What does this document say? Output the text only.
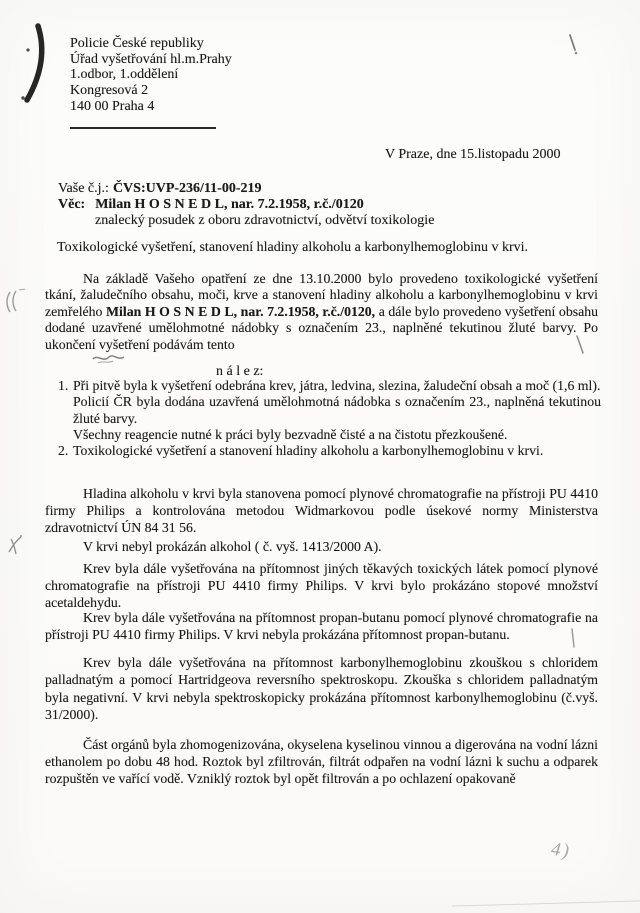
Policie České republiky
Úřad vyšetřování hl.m.Prahy
1.odbor, 1.oddělení
Kongresová 2
140 00 Praha 4
V Praze, dne 15.listopadu 2000
Vaše č.j.: ČVS:UVP-236/11-00-219
Věc: Milan H O S N E D L, nar. 7.2.1958, r.č./0120
znalecký posudek z oboru zdravotnictví, odvětví toxikologie
Toxikologické vyšetření, stanovení hladiny alkoholu a karbonylhemoglobinu v krvi.

Na základě Vašeho opatření ze dne 13.10.2000 bylo provedeno toxikologické vyšetření tkání, žaludečního obsahu, moči, krve a stanovení hladiny alkoholu a karbonylhemoglobinu v krvi zemřelého Milan H O S N E D L, nar. 7.2.1958, r.č./0120, a dále bylo provedeno vyšetření obsahu dodané uzavřené umělohmotné nádobky s označením 23., naplněné tekutinou žluté barvy. Po ukončení vyšetření podávám tento

n á l e z:
1. Při pitvě byla k vyšetření odebrána krev, játra, ledvina, slezina, žaludeční obsah a moč (1,6 ml).
Policií ČR byla dodána uzavřená umělohmotná nádobka s označením 23., naplněná tekutinou žluté barvy.
Všechny reagencie nutné k práci byly bezvadně čisté a na čistotu přezkoušené.
2. Toxikologické vyšetření a stanovení hladiny alkoholu a karbonylhemoglobinu v krvi.

Hladina alkoholu v krvi byla stanovena pomocí plynové chromatografie na přístroji PU 4410 firmy Philips a kontrolována metodou Widmarkovou podle úsekové normy Ministerstva zdravotnictví ÚN 84 31 56.

V krvi nebyl prokázán alkohol ( č. vyš. 1413/2000 A).

Krev byla dále vyšetřována na přítomnost jiných těkavých toxických látek pomocí plynové chromatografie na přístroji PU 4410 firmy Philips. V krvi bylo prokázáno stopové množství acetaldehydu.

Krev byla dále vyšetřována na přítomnost propan-butanu pomocí plynové chromatografie na přístroji PU 4410 firmy Philips. V krvi nebyla prokázána přítomnost propan-butanu.

Krev byla dále vyšetřována na přítomnost karbonylhemoglobinu zkouškou s chloridem palladnatým a pomocí Hartridgeova reversního spektroskopu. Zkouška s chloridem palladnatým byla negativní. V krvi nebyla spektroskopicky prokázána přítomnost karbonylhemoglobinu (č.vyš. 31/2000).

Část orgánů byla zhomogenizována, okyselena kyselinou vinnou a digerována na vodní lázni ethanolem po dobu 48 hod. Roztok byl zfiltrován, filtrát odpařen na vodní lázni k suchu a odparek rozpuštěn ve vařící vodě. Vzniklý roztok byl opět filtrován a po ochlazení opakovaně

4)
